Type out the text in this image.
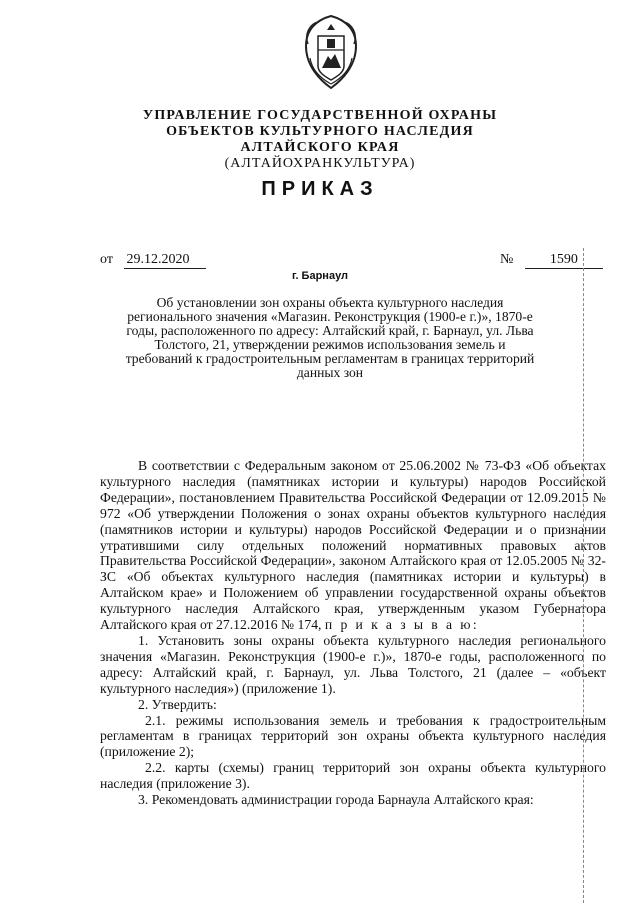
УПРАВЛЕНИЕ ГОСУДАРСТВЕННОЙ ОХРАНЫ
ОБЪЕКТОВ КУЛЬТУРНОГО НАСЛЕДИЯ
АЛТАЙСКОГО КРАЯ
(АЛТАЙОХРАНКУЛЬТУРА)
ПРИКАЗ
от 29.12.2020	№	1590
г. Барнаул
Об установлении зон охраны объекта культурного наследия регионального значения «Магазин. Реконструкция (1900-е г.)», 1870-е годы, расположенного по адресу: Алтайский край, г. Барнаул, ул. Льва Толстого, 21, утверждении режимов использования земель и требований к градостроительным регламентам в границах территорий данных зон

В соответствии с Федеральным законом от 25.06.2002 № 73-ФЗ «Об объектах культурного наследия (памятниках истории и культуры) народов Российской Федерации», постановлением Правительства Российской Федерации от 12.09.2015 № 972 «Об утверждении Положения о зонах охраны объектов культурного наследия (памятников истории и культуры) народов Российской Федерации и о признании утратившими силу отдельных положений нормативных правовых актов Правительства Российской Федерации», законом Алтайского края от 12.05.2005 № 32-ЗС «Об объектах культурного наследия (памятниках истории и культуры) в Алтайском крае» и Положением об управлении государственной охраны объектов культурного наследия Алтайского края, утвержденным указом Губернатора Алтайского края от 27.12.2016 № 174, п р и к а з ы в а ю:

1. Установить зоны охраны объекта культурного наследия регионального значения «Магазин. Реконструкция (1900-е г.)», 1870-е годы, расположенного по адресу: Алтайский край, г. Барнаул, ул. Льва Толстого, 21 (далее – «объект культурного наследия») (приложение 1).

2. Утвердить:

2.1. режимы использования земель и требования к градостроительным регламентам в границах территорий зон охраны объекта культурного наследия (приложение 2);

2.2. карты (схемы) границ территорий зон охраны объекта культурного наследия (приложение 3).

3. Рекомендовать администрации города Барнаула Алтайского края:
